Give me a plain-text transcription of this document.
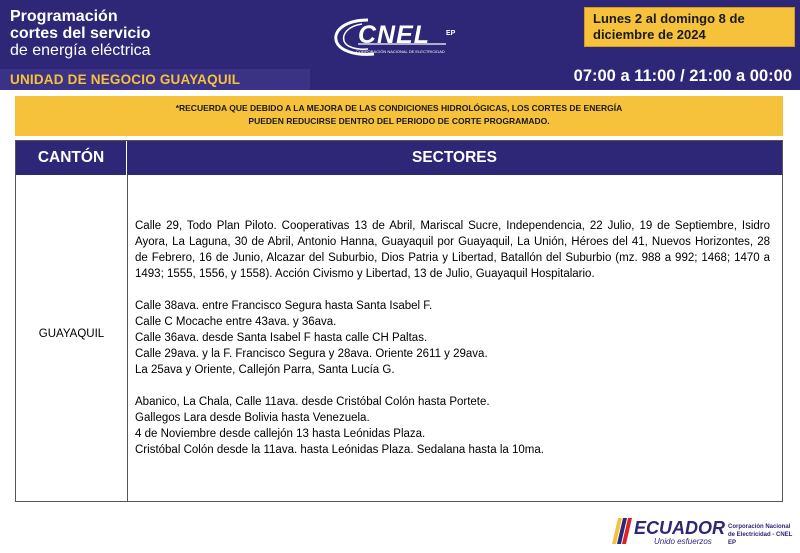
Programación
cortes del servicio
de energía eléctrica
CNEL EP
CORPORACIÓN NACIONAL DE ELECTRICIDAD
Lunes 2 al domingo 8 de diciembre de 2024
UNIDAD DE NEGOCIO GUAYAQUIL	07:00 a 11:00 / 21:00 a 00:00
*RECUERDA QUE DEBIDO A LA MEJORA DE LAS CONDICIONES HIDROLÓGICAS, LOS CORTES DE ENERGÍA
PUEDEN REDUCIRSE DENTRO DEL PERIODO DE CORTE PROGRAMADO.
CANTÓN	SECTORES
GUAYAQUIL

Calle 29, Todo Plan Piloto. Cooperativas 13 de Abril, Mariscal Sucre, Independencia, 22 Julio, 19 de Septiembre, Isidro Ayora, La Laguna, 30 de Abril, Antonio Hanna, Guayaquil por Guayaquil, La Unión, Héroes del 41, Nuevos Horizontes, 28 de Febrero, 16 de Junio, Alcazar del Suburbio, Dios Patria y Libertad, Batallón del Suburbio (mz. 988 a 992; 1468; 1470 a 1493; 1555, 1556, y 1558). Acción Civismo y Libertad, 13 de Julio, Guayaquil Hospitalario.

Calle 38ava. entre Francisco Segura hasta Santa Isabel F.
Calle C Mocache entre 43ava. y 36ava.
Calle 36ava. desde Santa Isabel F hasta calle CH Paltas.
Calle 29ava. y la F. Francisco Segura y 28ava. Oriente 2611 y 29ava.
La 25ava y Oriente, Callejón Parra, Santa Lucía G.
Abanico, La Chala, Calle 11ava. desde Cristóbal Colón hasta Portete.
Gallegos Lara desde Bolivia hasta Venezuela.
4 de Noviembre desde callejón 13 hasta Leónidas Plaza.
Cristóbal Colón desde la 11ava. hasta Leónidas Plaza. Sedalana hasta la 10ma.
ECUADOR
Unido esfuerzos
Corporación Nacional
de Electricidad - CNEL EP
